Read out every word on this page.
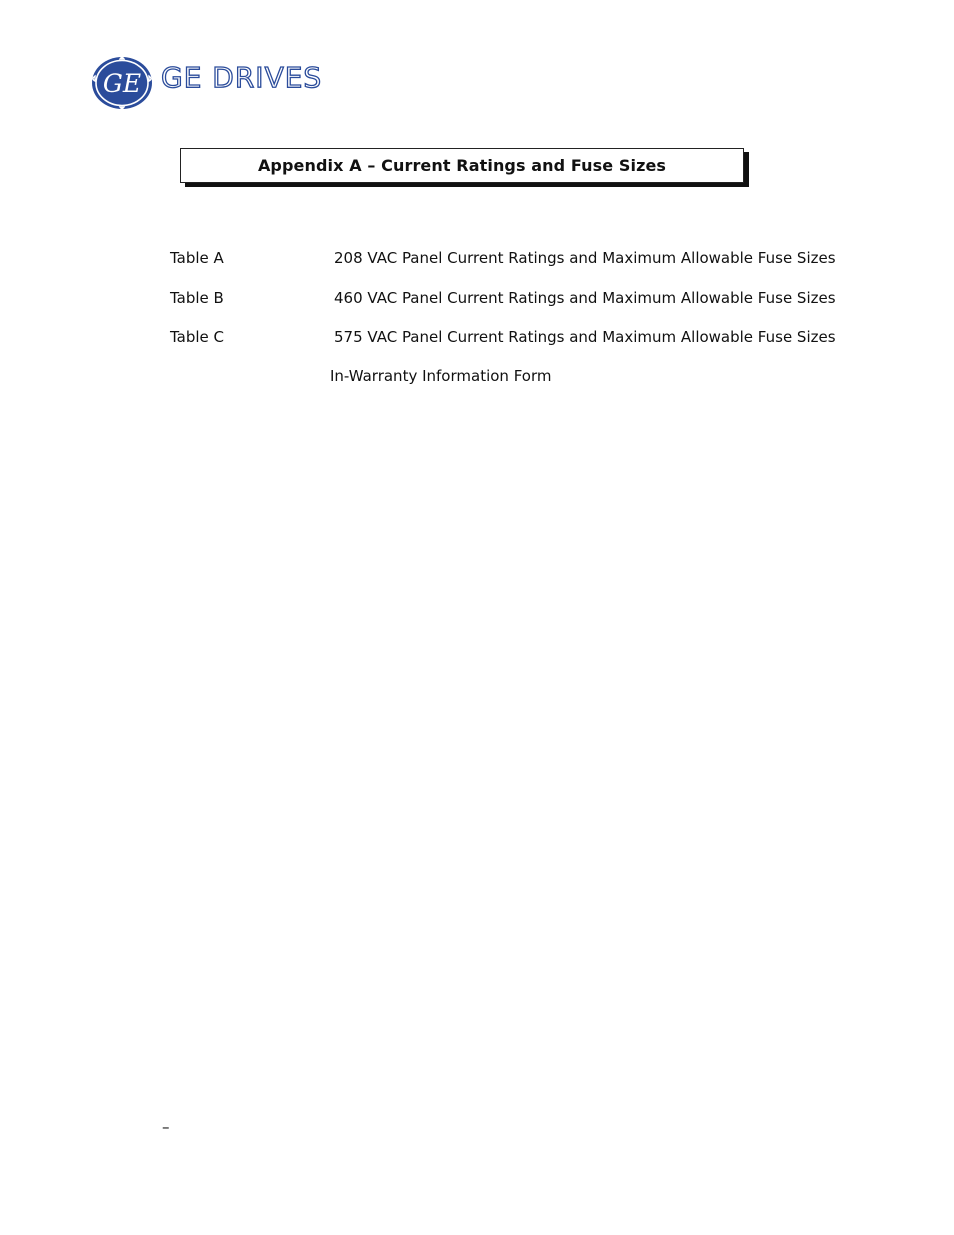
GE GE DRIVES
Appendix A – Current Ratings and Fuse Sizes
Table A	208 VAC Panel Current Ratings and Maximum Allowable Fuse Sizes
Table B	460 VAC Panel Current Ratings and Maximum Allowable Fuse Sizes
Table C	575 VAC Panel Current Ratings and Maximum Allowable Fuse Sizes
In-Warranty Information Form
–
